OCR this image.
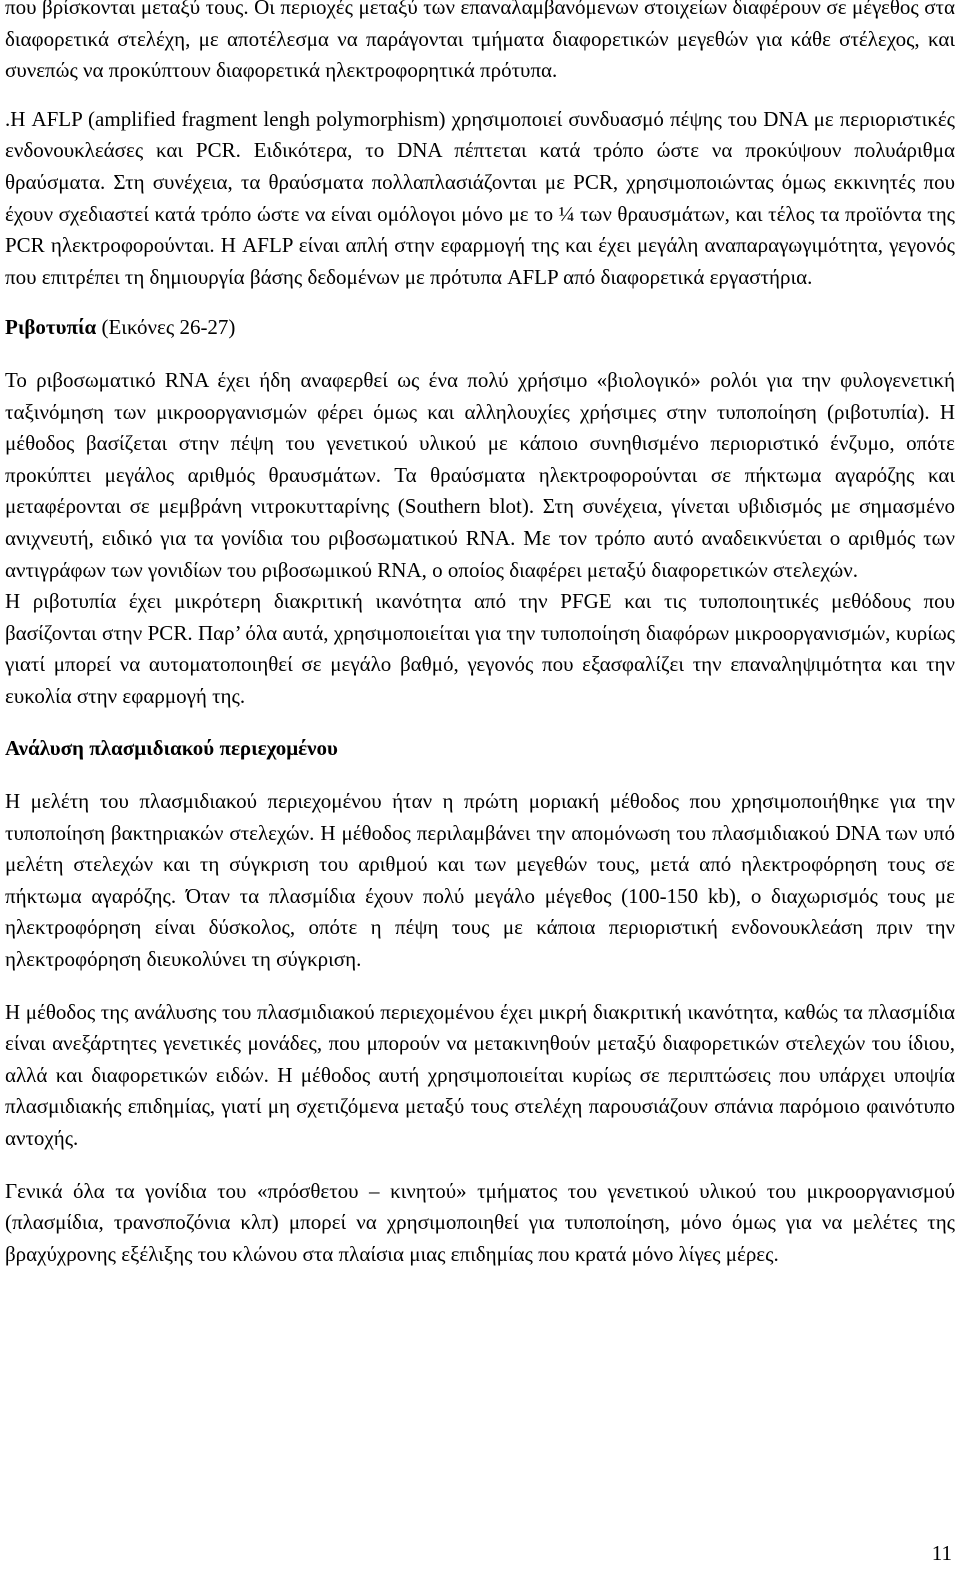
που βρίσκονται μεταξύ τους. Οι περιοχές μεταξύ των επαναλαμβανόμενων στοιχείων διαφέρουν σε μέγεθος στα διαφορετικά στελέχη, με αποτέλεσμα να παράγονται τμήματα διαφορετικών μεγεθών για κάθε στέλεχος, και συνεπώς να προκύπτουν διαφορετικά ηλεκτροφορητικά πρότυπα.

.Η AFLP (amplified fragment lengh polymorphism) χρησιμοποιεί συνδυασμό πέψης του DNA με περιοριστικές ενδονουκλεάσες και PCR. Ειδικότερα, το DNA πέπτεται κατά τρόπο ώστε να προκύψουν πολυάριθμα θραύσματα. Στη συνέχεια, τα θραύσματα πολλαπλασιάζονται με PCR, χρησιμοποιώντας όμως εκκινητές που έχουν σχεδιαστεί κατά τρόπο ώστε να είναι ομόλογοι μόνο με το ¼ των θραυσμάτων, και τέλος τα προϊόντα της PCR ηλεκτροφορούνται. Η AFLP είναι απλή στην εφαρμογή της και έχει μεγάλη αναπαραγωγιμότητα, γεγονός που επιτρέπει τη δημιουργία βάσης δεδομένων με πρότυπα AFLP από διαφορετικά εργαστήρια.

Ριβοτυπία (Εικόνες 26-27)

Το ριβοσωματικό RNA έχει ήδη αναφερθεί ως ένα πολύ χρήσιμο «βιολογικό» ρολόι για την φυλογενετική ταξινόμηση των μικροοργανισμών φέρει όμως και αλληλουχίες χρήσιμες στην τυποποίηση (ριβοτυπία). Η μέθοδος βασίζεται στην πέψη του γενετικού υλικού με κάποιο συνηθισμένο περιοριστικό ένζυμο, οπότε προκύπτει μεγάλος αριθμός θραυσμάτων. Τα θραύσματα ηλεκτροφορούνται σε πήκτωμα αγαρόζης και μεταφέρονται σε μεμβράνη νιτροκυτταρίνης (Southern blot). Στη συνέχεια, γίνεται υβιδισμός με σημασμένο ανιχνευτή, ειδικό για τα γονίδια του ριβοσωματικού RNA. Με τον τρόπο αυτό αναδεικνύεται ο αριθμός των αντιγράφων των γονιδίων του ριβοσωμικού RNA, ο οποίος διαφέρει μεταξύ διαφορετικών στελεχών.

Η ριβοτυπία έχει μικρότερη διακριτική ικανότητα από την PFGE και τις τυποποιητικές μεθόδους που βασίζονται στην PCR. Παρ’ όλα αυτά, χρησιμοποιείται για την τυποποίηση διαφόρων μικροοργανισμών, κυρίως γιατί μπορεί να αυτοματοποιηθεί σε μεγάλο βαθμό, γεγονός που εξασφαλίζει την επαναληψιμότητα και την ευκολία στην εφαρμογή της.

Ανάλυση πλασμιδιακού περιεχομένου

Η μελέτη του πλασμιδιακού περιεχομένου ήταν η πρώτη μοριακή μέθοδος που χρησιμοποιήθηκε για την τυποποίηση βακτηριακών στελεχών. Η μέθοδος περιλαμβάνει την απομόνωση του πλασμιδιακού DNA των υπό μελέτη στελεχών και τη σύγκριση του αριθμού και των μεγεθών τους, μετά από ηλεκτροφόρηση τους σε πήκτωμα αγαρόζης. Όταν τα πλασμίδια έχουν πολύ μεγάλο μέγεθος (100-150 kb), ο διαχωρισμός τους με ηλεκτροφόρηση είναι δύσκολος, οπότε η πέψη τους με κάποια περιοριστική ενδονουκλεάση πριν την ηλεκτροφόρηση διευκολύνει τη σύγκριση.

Η μέθοδος της ανάλυσης του πλασμιδιακού περιεχομένου έχει μικρή διακριτική ικανότητα, καθώς τα πλασμίδια είναι ανεξάρτητες γενετικές μονάδες, που μπορούν να μετακινηθούν μεταξύ διαφορετικών στελεχών του ίδιου, αλλά και διαφορετικών ειδών. Η μέθοδος αυτή χρησιμοποιείται κυρίως σε περιπτώσεις που υπάρχει υποψία πλασμιδιακής επιδημίας, γιατί μη σχετιζόμενα μεταξύ τους στελέχη παρουσιάζουν σπάνια παρόμοιο φαινότυπο αντοχής.

Γενικά όλα τα γονίδια του «πρόσθετου – κινητού» τμήματος του γενετικού υλικού του μικροοργανισμού (πλασμίδια, τρανσποζόνια κλπ) μπορεί να χρησιμοποιηθεί για τυποποίηση, μόνο όμως για να μελέτες της βραχύχρονης εξέλιξης του κλώνου στα πλαίσια μιας επιδημίας που κρατά μόνο λίγες μέρες.

11
